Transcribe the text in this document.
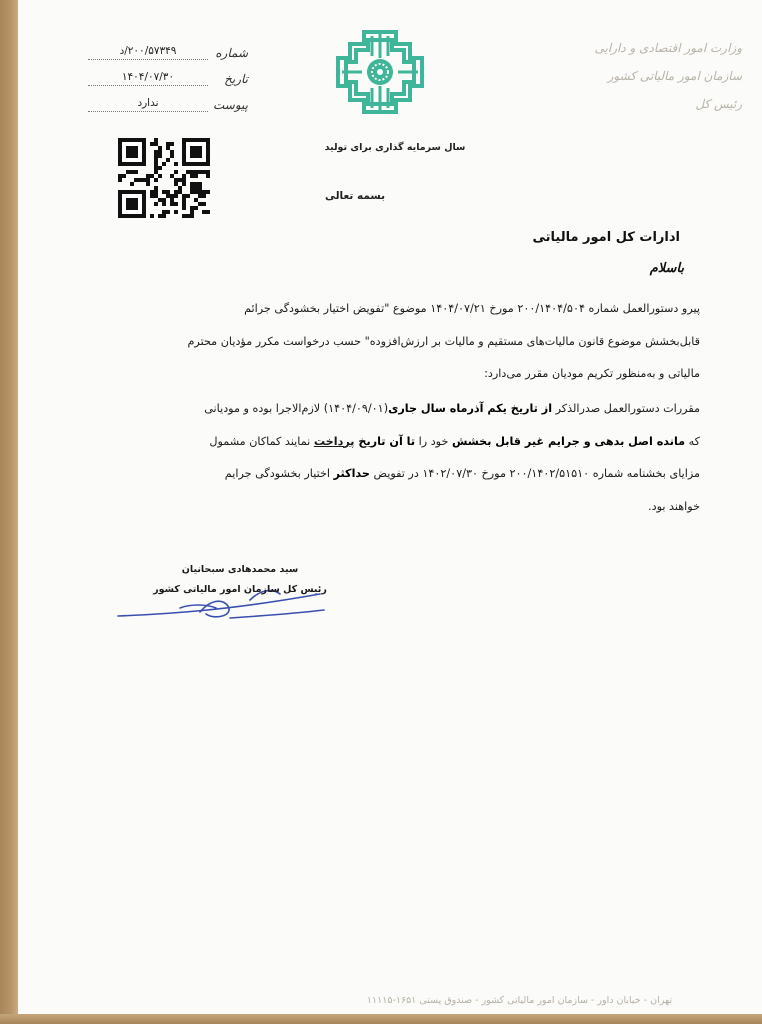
وزارت امور اقتصادی و دارایی
سازمان امور مالیاتی کشور
رئیس کل
شماره
۲۰۰/۵۷۳۴۹/د
تاریخ
۱۴۰۴/۰۷/۳۰
پیوست
ندارد
سال سرمایه گذاری برای تولید
بسمه تعالی
ادارات کل امور مالیاتی
باسلام
پیرو دستورالعمل شماره ۲۰۰/۱۴۰۴/۵۰۴ مورخ ۱۴۰۴/۰۷/۲۱ موضوع "تفویض اختیار بخشودگی جرائم
قابل‌بخشش موضوع قانون مالیات‌های مستقیم و مالیات بر ارزش‌افزوده" حسب درخواست مکرر مؤدیان محترم
مالیاتی و به‌منظور تکریم مودیان مقرر می‌دارد:
مقررات دستورالعمل صدرالذکر از تاریخ یکم آذرماه سال جاری(۱۴۰۴/۰۹/۰۱) لازم‌الاجرا بوده و مودیانی
که مانده اصل بدهی و جرایم غیر قابل بخشش خود را تا آن تاریخ پرداخت نمایند کماکان مشمول
مزایای بخشنامه شماره ۲۰۰/۱۴۰۲/۵۱۵۱۰ مورخ ۱۴۰۲/۰۷/۳۰ در تفویض حداکثر اختیار بخشودگی جرایم
خواهند بود.
سید محمدهادی سبحانیان
رئیس کل سازمان امور مالیاتی کشور
تهران - خیابان داور - سازمان امور مالیاتی کشور - صندوق پستی ۱۶۵۱-۱۱۱۱۵
